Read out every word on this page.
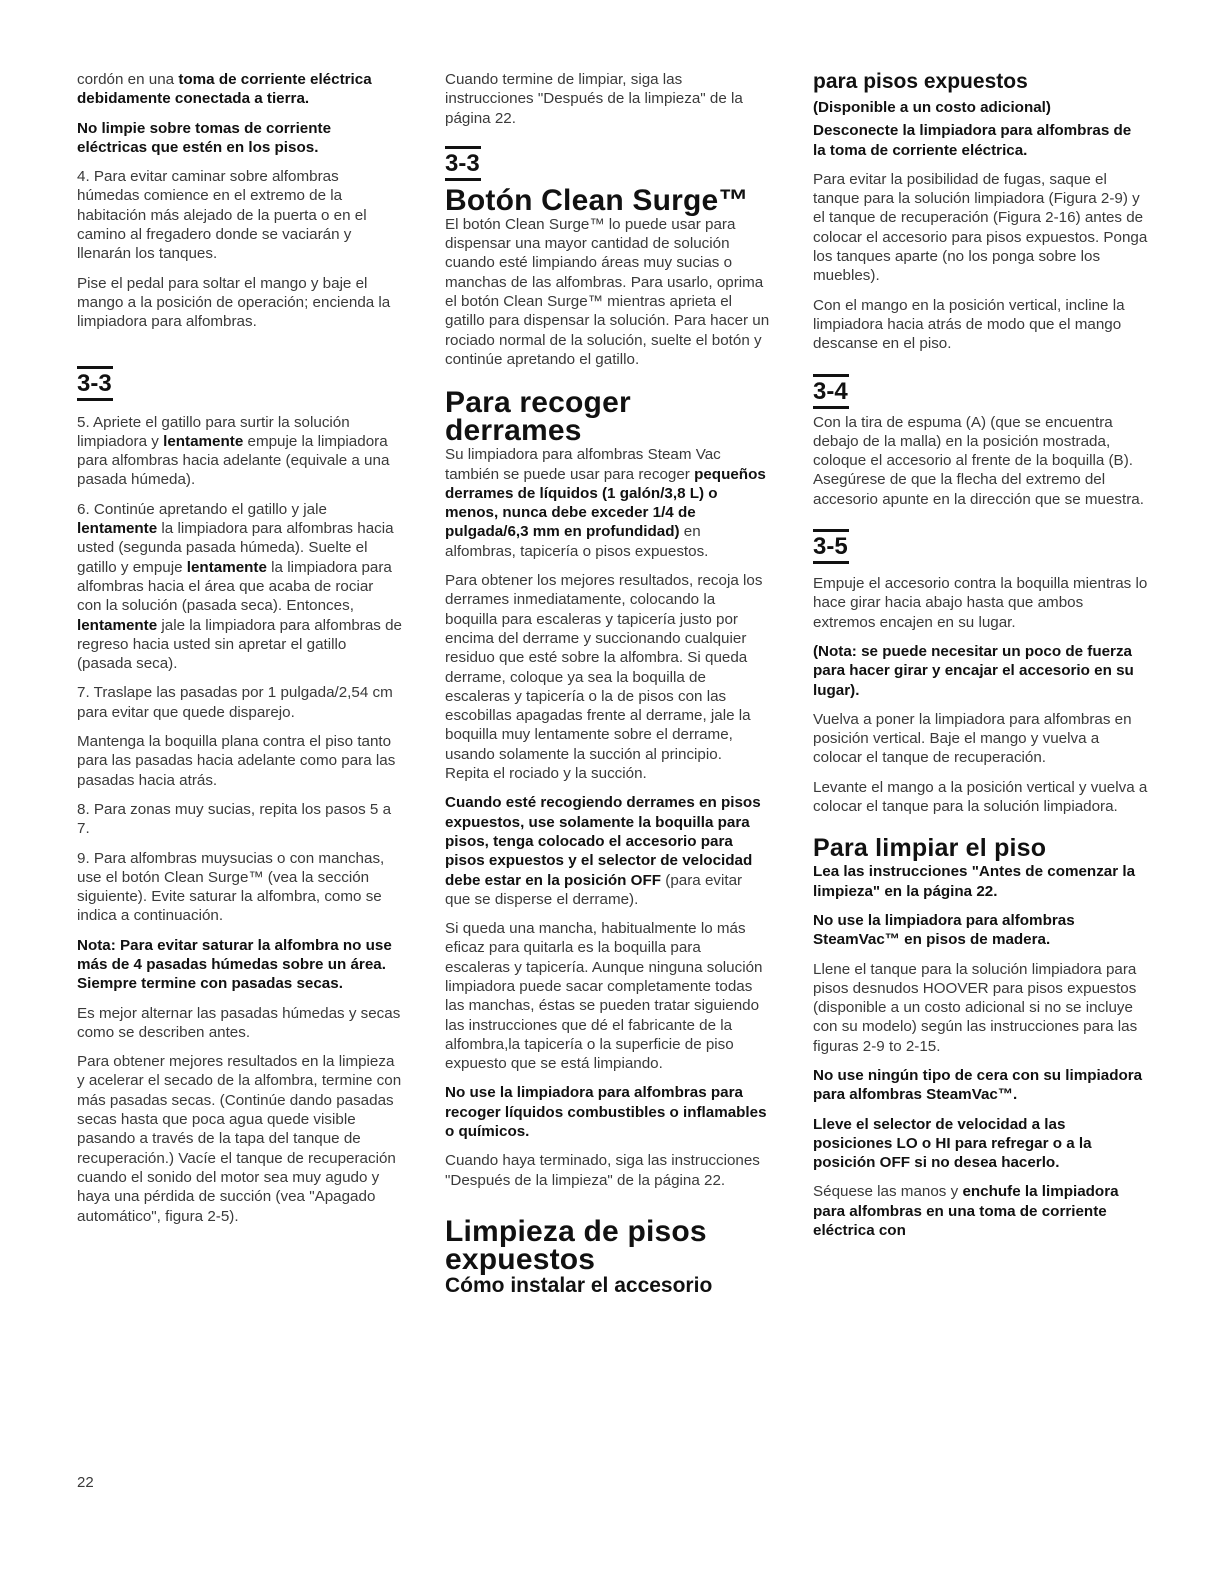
cordón en una toma de corriente eléctrica debidamente conectada a tierra.

No limpie sobre tomas de corriente eléctricas que estén en los pisos.

4. Para evitar caminar sobre alfombras húmedas comience en el extremo de la habitación más alejado de la puerta o en el camino al fregadero donde se vaciarán y llenarán los tanques.

Pise el pedal para soltar el mango y baje el mango a la posición de operación; encienda la limpiadora para alfombras.

3-3

5. Apriete el gatillo para surtir la solución limpiadora y lentamente empuje la limpiadora para alfombras hacia adelante (equivale a una pasada húmeda).

6. Continúe apretando el gatillo y jale lentamente la limpiadora para alfombras hacia usted (segunda pasada húmeda). Suelte el gatillo y empuje lentamente la limpiadora para alfombras hacia el área que acaba de rociar con la solución (pasada seca). Entonces, lentamente jale la limpiadora para alfombras de regreso hacia usted sin apretar el gatillo (pasada seca).

7. Traslape las pasadas por 1 pulgada/2,54 cm para evitar que quede disparejo.

Mantenga la boquilla plana contra el piso tanto para las pasadas hacia adelante como para las pasadas hacia atrás.

8. Para zonas muy sucias, repita los pasos 5 a 7.

9. Para alfombras muysucias o con manchas, use el botón Clean Surge™ (vea la sección siguiente). Evite saturar la alfombra, como se indica a continuación.

Nota: Para evitar saturar la alfombra no use más de 4 pasadas húmedas sobre un área. Siempre termine con pasadas secas.

Es mejor alternar las pasadas húmedas y secas como se describen antes.

Para obtener mejores resultados en la limpieza y acelerar el secado de la alfombra, termine con más pasadas secas. (Continúe dando pasadas secas hasta que poca agua quede visible pasando a través de la tapa del tanque de recuperación.) Vacíe el tanque de recuperación cuando el sonido del motor sea muy agudo y haya una pérdida de succión (vea "Apagado automático", figura 2-5).

Cuando termine de limpiar, siga las instrucciones "Después de la limpieza" de la página 22.

3-3
Botón Clean Surge™

El botón Clean Surge™ lo puede usar para dispensar una mayor cantidad de solución cuando esté limpiando áreas muy sucias o manchas de las alfombras. Para usarlo, oprima el botón Clean Surge™ mientras aprieta el gatillo para dispensar la solución. Para hacer un rociado normal de la solución, suelte el botón y continúe apretando el gatillo.

Para recoger derrames

Su limpiadora para alfombras Steam Vac también se puede usar para recoger pequeños derrames de líquidos (1 galón/3,8 L) o menos, nunca debe exceder 1/4 de pulgada/6,3 mm en profundidad) en alfombras, tapicería o pisos expuestos.

Para obtener los mejores resultados, recoja los derrames inmediatamente, colocando la boquilla para escaleras y tapicería justo por encima del derrame y succionando cualquier residuo que esté sobre la alfombra. Si queda derrame, coloque ya sea la boquilla de escaleras y tapicería o la de pisos con las escobillas apagadas frente al derrame, jale la boquilla muy lentamente sobre el derrame, usando solamente la succión al principio. Repita el rociado y la succión.

Cuando esté recogiendo derrames en pisos expuestos, use solamente la boquilla para pisos, tenga colocado el accesorio para pisos expuestos y el selector de velocidad debe estar en la posición OFF (para evitar que se disperse el derrame).

Si queda una mancha, habitualmente lo más eficaz para quitarla es la boquilla para escaleras y tapicería. Aunque ninguna solución limpiadora puede sacar completamente todas las manchas, éstas se pueden tratar siguiendo las instrucciones que dé el fabricante de la alfombra,la tapicería o la superficie de piso expuesto que se está limpiando.

No use la limpiadora para alfombras para recoger líquidos combustibles o inflamables o químicos.

Cuando haya terminado, siga las instrucciones "Después de la limpieza" de la página 22.

Limpieza de pisos expuestos
Cómo instalar el accesorio
para pisos expuestos

(Disponible a un costo adicional)

Desconecte la limpiadora para alfombras de la toma de corriente eléctrica.

Para evitar la posibilidad de fugas, saque el tanque para la solución limpiadora (Figura 2-9) y el tanque de recuperación (Figura 2-16) antes de colocar el accesorio para pisos expuestos. Ponga los tanques aparte (no los ponga sobre los muebles).

Con el mango en la posición vertical, incline la limpiadora hacia atrás de modo que el mango descanse en el piso.

3-4

Con la tira de espuma (A) (que se encuentra debajo de la malla) en la posición mostrada, coloque el accesorio al frente de la boquilla (B). Asegúrese de que la flecha del extremo del accesorio apunte en la dirección que se muestra.

3-5

Empuje el accesorio contra la boquilla mientras lo hace girar hacia abajo hasta que ambos extremos encajen en su lugar.

(Nota: se puede necesitar un poco de fuerza para hacer girar y encajar el accesorio en su lugar).

Vuelva a poner la limpiadora para alfombras en posición vertical. Baje el mango y vuelva a colocar el tanque de recuperación.

Levante el mango a la posición vertical y vuelva a colocar el tanque para la solución limpiadora.

Para limpiar el piso

Lea las instrucciones "Antes de comenzar la limpieza" en la página 22.

No use la limpiadora para alfombras SteamVac™ en pisos de madera.

Llene el tanque para la solución limpiadora para pisos desnudos HOOVER para pisos expuestos (disponible a un costo adicional si no se incluye con su modelo) según las instrucciones para las figuras 2-9 to 2-15.

No use ningún tipo de cera con su limpiadora para alfombras SteamVac™.

Lleve el selector de velocidad a las posiciones LO o HI para refregar o a la posición OFF si no desea hacerlo.

Séquese las manos y enchufe la limpiadora para alfombras en una toma de corriente eléctrica con

22
